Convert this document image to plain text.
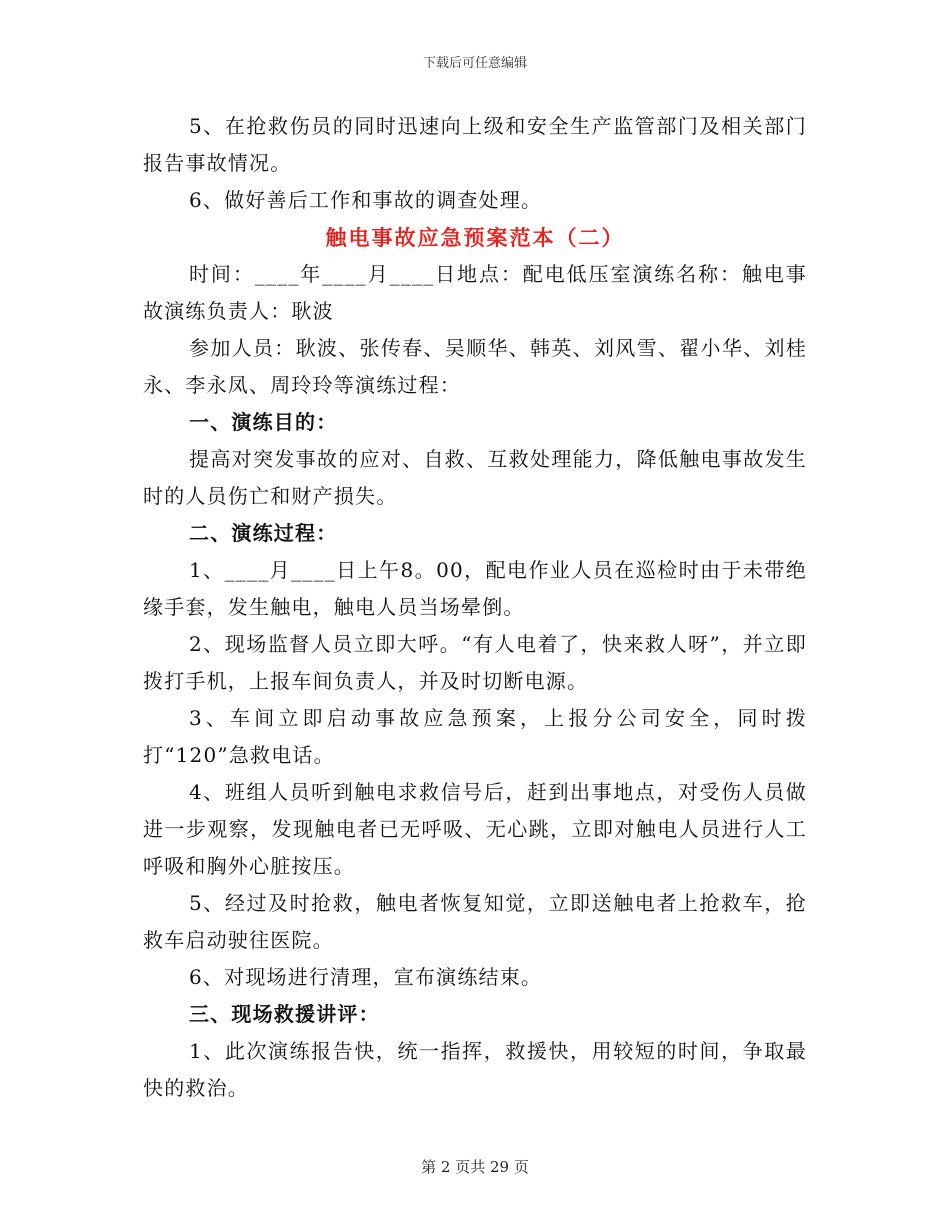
下载后可任意编辑

5、在抢救伤员的同时迅速向上级和安全生产监管部门及相关部门报告事故情况。

6、做好善后工作和事故的调查处理。

触电事故应急预案范本（二）

时间：____年____月____日地点：配电低压室演练名称：触电事故演练负责人：耿波

参加人员：耿波、张传春、吴顺华、韩英、刘风雪、翟小华、刘桂永、李永凤、周玲玲等演练过程：

一、演练目的：

提高对突发事故的应对、自救、互救处理能力，降低触电事故发生时的人员伤亡和财产损失。

二、演练过程：

1、____月____日上午8。00，配电作业人员在巡检时由于未带绝缘手套，发生触电，触电人员当场晕倒。

2、现场监督人员立即大呼。“有人电着了，快来救人呀”，并立即拨打手机，上报车间负责人，并及时切断电源。

3、车间立即启动事故应急预案，上报分公司安全，同时拨打“120”急救电话。

4、班组人员听到触电求救信号后，赶到出事地点，对受伤人员做进一步观察，发现触电者已无呼吸、无心跳，立即对触电人员进行人工呼吸和胸外心脏按压。

5、经过及时抢救，触电者恢复知觉，立即送触电者上抢救车，抢救车启动驶往医院。

6、对现场进行清理，宣布演练结束。

三、现场救援讲评：

1、此次演练报告快，统一指挥，救援快，用较短的时间，争取最快的救治。

第 2 页共 29 页
